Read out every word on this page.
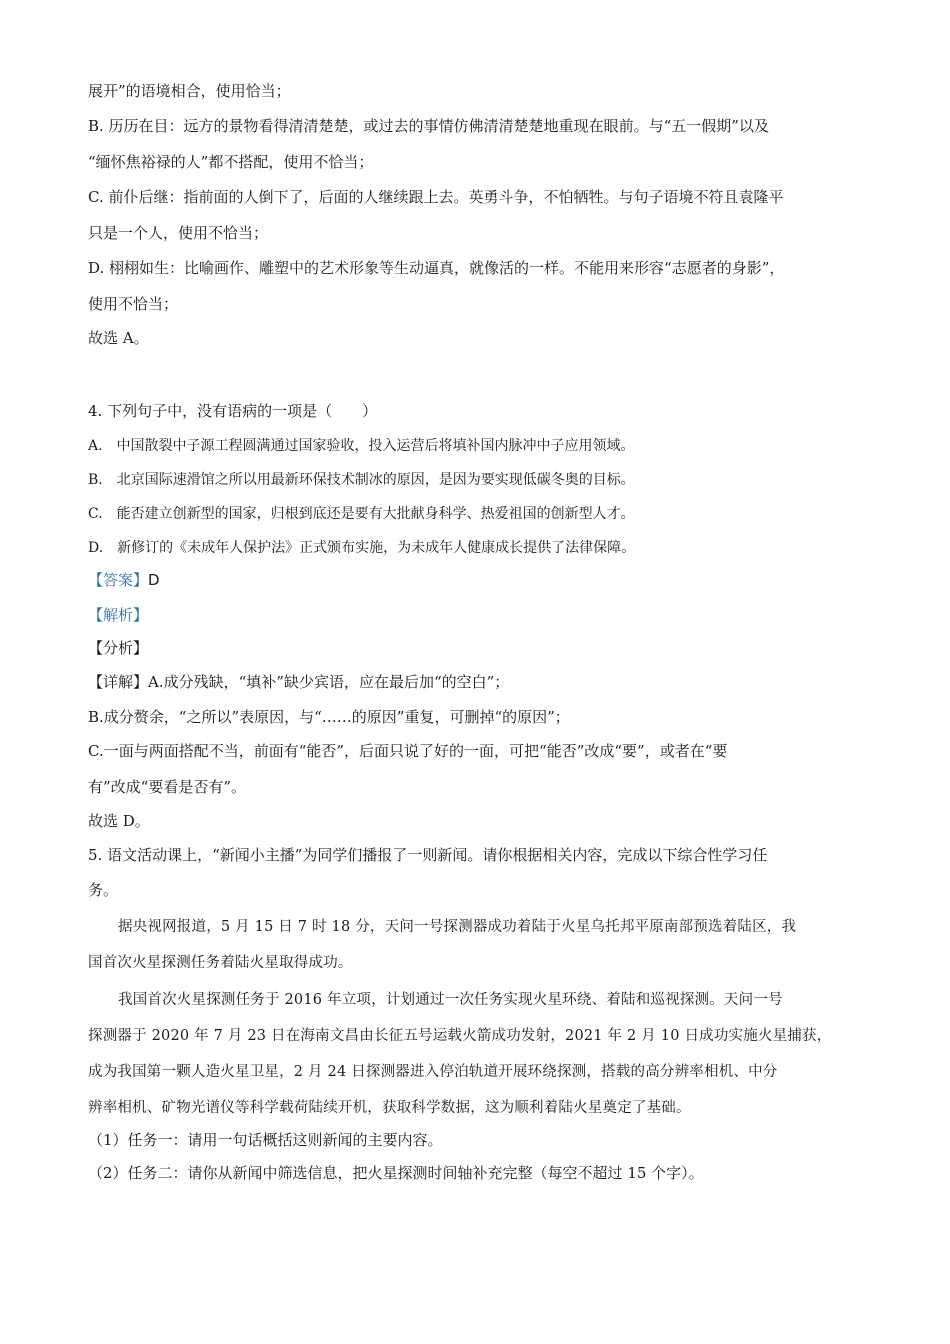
展开”的语境相合，使用恰当；
B. 历历在目：远方的景物看得清清楚楚，或过去的事情仿佛清清楚楚地重现在眼前。与“五一假期”以及
“缅怀焦裕禄的人”都不搭配，使用不恰当；
C. 前仆后继：指前面的人倒下了，后面的人继续跟上去。英勇斗争，不怕牺牲。与句子语境不符且袁隆平
只是一个人，使用不恰当；
D. 栩栩如生：比喻画作、雕塑中的艺术形象等生动逼真，就像活的一样。不能用来形容“志愿者的身影”，
使用不恰当；
故选 A。
4. 下列句子中，没有语病的一项是（　　）
A.　中国散裂中子源工程圆满通过国家验收，投入运营后将填补国内脉冲中子应用领域。
B.　北京国际速滑馆之所以用最新环保技术制冰的原因，是因为要实现低碳冬奥的目标。
C.　能否建立创新型的国家，归根到底还是要有大批献身科学、热爱祖国的创新型人才。
D.　新修订的《未成年人保护法》正式颁布实施，为未成年人健康成长提供了法律保障。
【答案】D
【解析】
【分析】
【详解】A.成分残缺，“填补”缺少宾语，应在最后加“的空白”；
B.成分赘余，“之所以”表原因，与“……的原因”重复，可删掉“的原因”；
C.一面与两面搭配不当，前面有“能否”，后面只说了好的一面，可把“能否”改成“要”，或者在“要
有”改成“要看是否有”。
故选 D。
5. 语文活动课上，“新闻小主播”为同学们播报了一则新闻。请你根据相关内容，完成以下综合性学习任
务。
据央视网报道，5 月 15 日 7 时 18 分，天问一号探测器成功着陆于火星乌托邦平原南部预选着陆区，我
国首次火星探测任务着陆火星取得成功。
我国首次火星探测任务于 2016 年立项，计划通过一次任务实现火星环绕、着陆和巡视探测。天问一号
探测器于 2020 年 7 月 23 日在海南文昌由长征五号运载火箭成功发射，2021 年 2 月 10 日成功实施火星捕获，
成为我国第一颗人造火星卫星，2 月 24 日探测器进入停泊轨道开展环绕探测，搭载的高分辨率相机、中分
辨率相机、矿物光谱仪等科学载荷陆续开机，获取科学数据，这为顺利着陆火星奠定了基础。
（1）任务一：请用一句话概括这则新闻的主要内容。
（2）任务二：请你从新闻中筛选信息，把火星探测时间轴补充完整（每空不超过 15 个字）。
